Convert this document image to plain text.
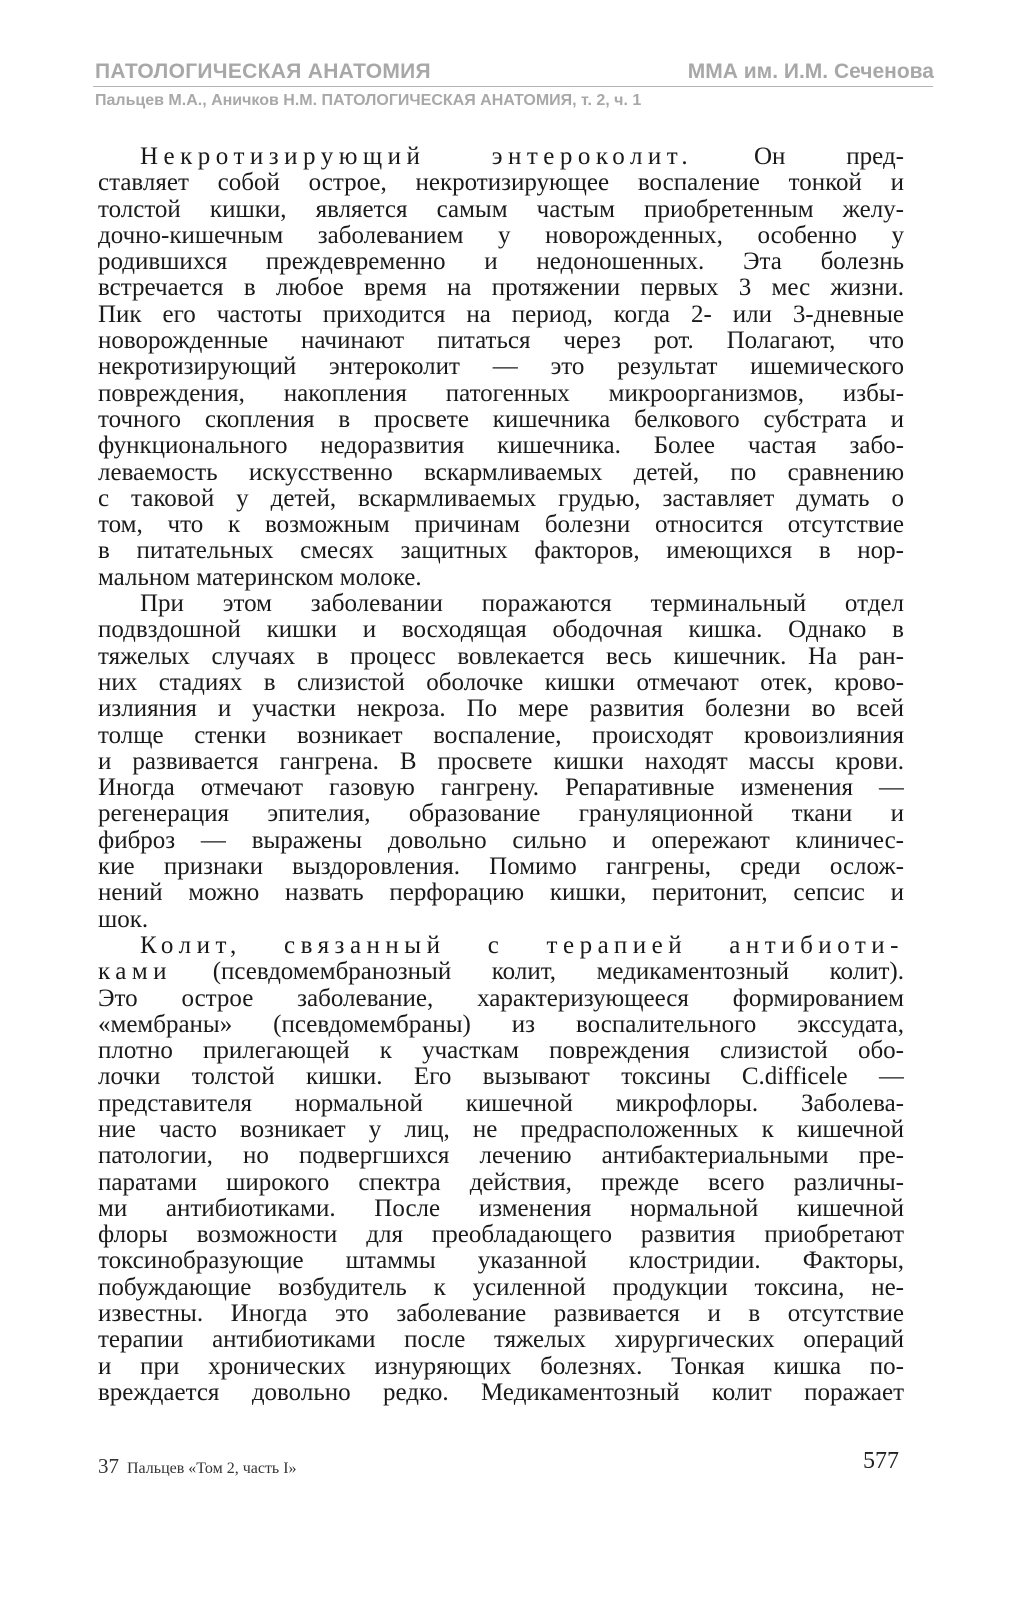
ПАТОЛОГИЧЕСКАЯ АНАТОМИЯ	ММА им. И.М. Сеченова
Пальцев М.А., Аничков Н.М. ПАТОЛОГИЧЕСКАЯ АНАТОМИЯ, т. 2, ч. 1
Некротизирующий энтероколит. Он пред-
ставляет собой острое, некротизирующее воспаление тонкой и
толстой кишки, является самым частым приобретенным желу-
дочно-кишечным заболеванием у новорожденных, особенно у
родившихся преждевременно и недоношенных. Эта болезнь
встречается в любое время на протяжении первых 3 мес жизни.
Пик его частоты приходится на период, когда 2- или 3-дневные
новорожденные начинают питаться через рот. Полагают, что
некротизирующий энтероколит — это результат ишемического
повреждения, накопления патогенных микроорганизмов, избы-
точного скопления в просвете кишечника белкового субстрата и
функционального недоразвития кишечника. Более частая забо-
леваемость искусственно вскармливаемых детей, по сравнению
с таковой у детей, вскармливаемых грудью, заставляет думать о
том, что к возможным причинам болезни относится отсутствие
в питательных смесях защитных факторов, имеющихся в нор-
мальном материнском молоке.
При этом заболевании поражаются терминальный отдел
подвздошной кишки и восходящая ободочная кишка. Однако в
тяжелых случаях в процесс вовлекается весь кишечник. На ран-
них стадиях в слизистой оболочке кишки отмечают отек, крово-
излияния и участки некроза. По мере развития болезни во всей
толще стенки возникает воспаление, происходят кровоизлияния
и развивается гангрена. В просвете кишки находят массы крови.
Иногда отмечают газовую гангрену. Репаративные изменения —
регенерация эпителия, образование грануляционной ткани и
фиброз — выражены довольно сильно и опережают клиничес-
кие признаки выздоровления. Помимо гангрены, среди ослож-
нений можно назвать перфорацию кишки, перитонит, сепсис и
шок.
Колит, связанный с терапией антибиоти-
ками (псевдомембранозный колит, медикаментозный колит).
Это острое заболевание, характеризующееся формированием
«мембраны» (псевдомембраны) из воспалительного экссудата,
плотно прилегающей к участкам повреждения слизистой обо-
лочки толстой кишки. Его вызывают токсины C.difficele —
представителя нормальной кишечной микрофлоры. Заболева-
ние часто возникает у лиц, не предрасположенных к кишечной
патологии, но подвергшихся лечению антибактериальными пре-
паратами широкого спектра действия, прежде всего различны-
ми антибиотиками. После изменения нормальной кишечной
флоры возможности для преобладающего развития приобретают
токсинобразующие штаммы указанной клостридии. Факторы,
побуждающие возбудитель к усиленной продукции токсина, не-
известны. Иногда это заболевание развивается и в отсутствие
терапии антибиотиками после тяжелых хирургических операций
и при хронических изнуряющих болезнях. Тонкая кишка по-
вреждается довольно редко. Медикаментозный колит поражает
37 Пальцев «Том 2, часть I»	577
